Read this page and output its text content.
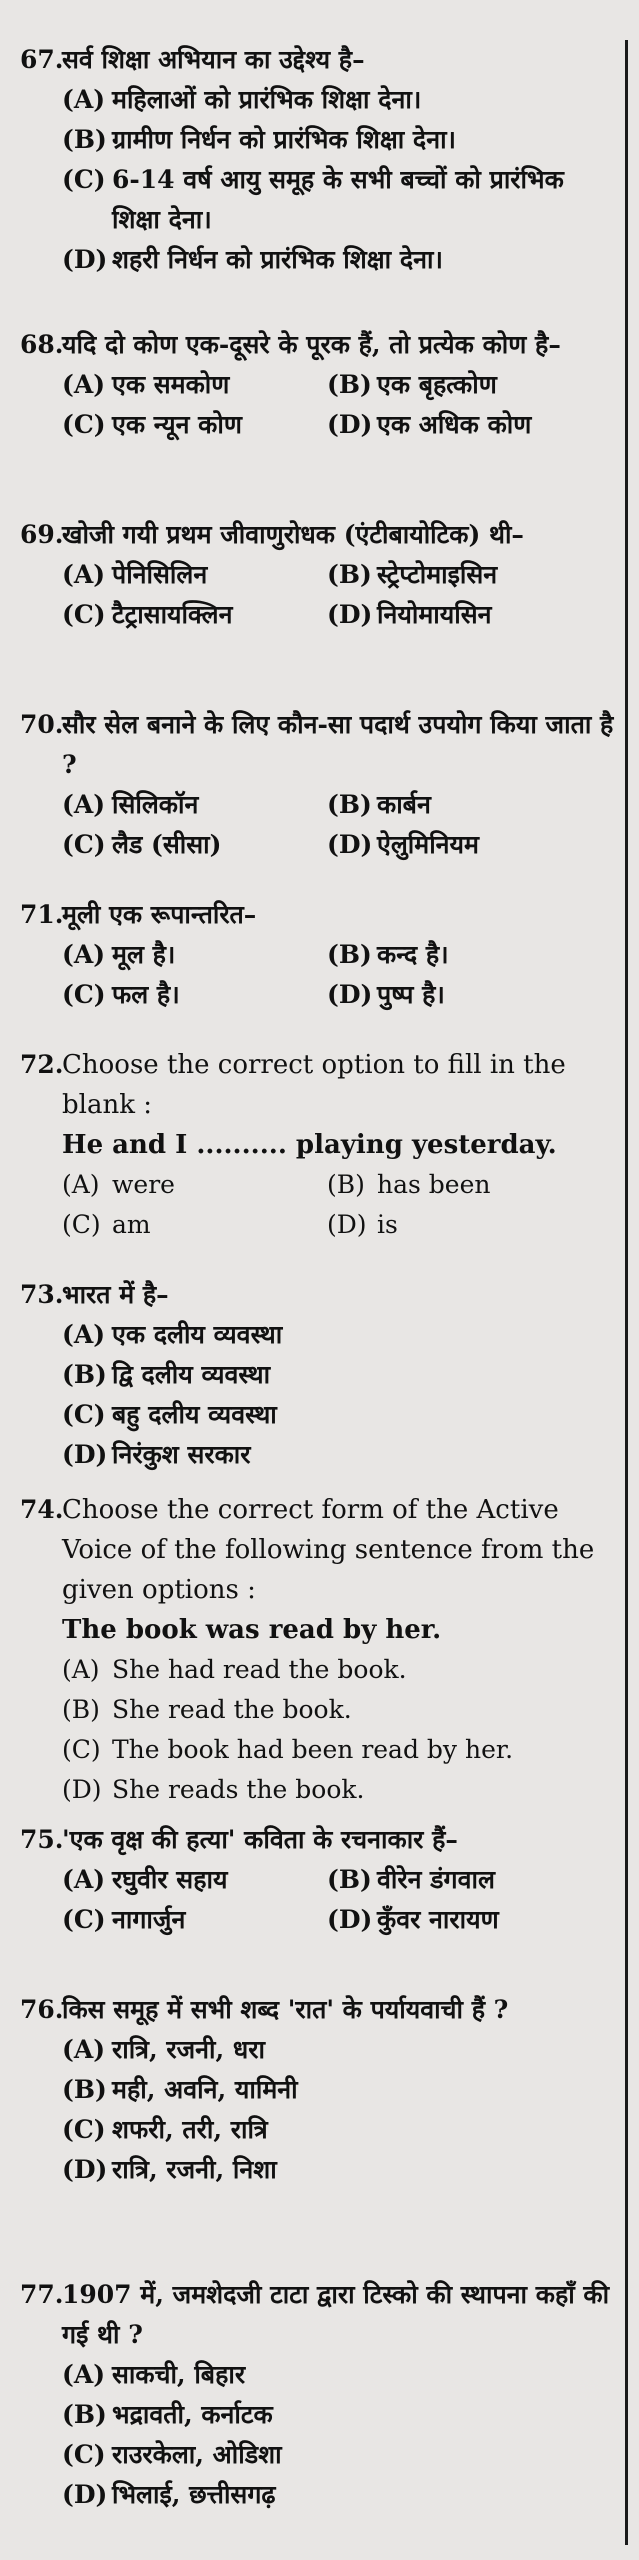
67.
सर्व शिक्षा अभियान का उद्देश्य है–
(A) महिलाओं को प्रारंभिक शिक्षा देना।
(B) ग्रामीण निर्धन को प्रारंभिक शिक्षा देना।
(C) 6-14 वर्ष आयु समूह के सभी बच्चों को प्रारंभिक शिक्षा देना।
(D) शहरी निर्धन को प्रारंभिक शिक्षा देना।
68.
यदि दो कोण एक-दूसरे के पूरक हैं, तो प्रत्येक कोण है–
(A) एक समकोण	(B) एक बृहत्कोण
(C) एक न्यून कोण	(D) एक अधिक कोण
69.
खोजी गयी प्रथम जीवाणुरोधक (एंटीबायोटिक) थी–
(A) पेनिसिलिन	(B) स्ट्रेप्टोमाइसिन
(C) टैट्रासायक्लिन	(D) नियोमायसिन
70.
सौर सेल बनाने के लिए कौन-सा पदार्थ उपयोग किया जाता है ?
(A) सिलिकॉन	(B) कार्बन
(C) लैड (सीसा)	(D) ऐलुमिनियम
71.
मूली एक रूपान्तरित–
(A) मूल है।	(B) कन्द है।
(C) फल है।	(D) पुष्प है।
72.
Choose the correct option to fill in the blank :
He and I .......... playing yesterday.
(A) were	(B) has been
(C) am	(D) is
73.
भारत में है–
(A) एक दलीय व्यवस्था
(B) द्वि दलीय व्यवस्था
(C) बहु दलीय व्यवस्था
(D) निरंकुश सरकार
74.
Choose the correct form of the Active Voice of the following sentence from the given options :
The book was read by her.
(A) She had read the book.
(B) She read the book.
(C) The book had been read by her.
(D) She reads the book.
75.
'एक वृक्ष की हत्या' कविता के रचनाकार हैं–
(A) रघुवीर सहाय	(B) वीरेन डंगवाल
(C) नागार्जुन	(D) कुँवर नारायण
76.
किस समूह में सभी शब्द 'रात' के पर्यायवाची हैं ?
(A) रात्रि, रजनी, धरा
(B) मही, अवनि, यामिनी
(C) शफरी, तरी, रात्रि
(D) रात्रि, रजनी, निशा
77.
1907 में, जमशेदजी टाटा द्वारा टिस्को की स्थापना कहाँ की गई थी ?
(A) साकची, बिहार
(B) भद्रावती, कर्नाटक
(C) राउरकेला, ओडिशा
(D) भिलाई, छत्तीसगढ़
